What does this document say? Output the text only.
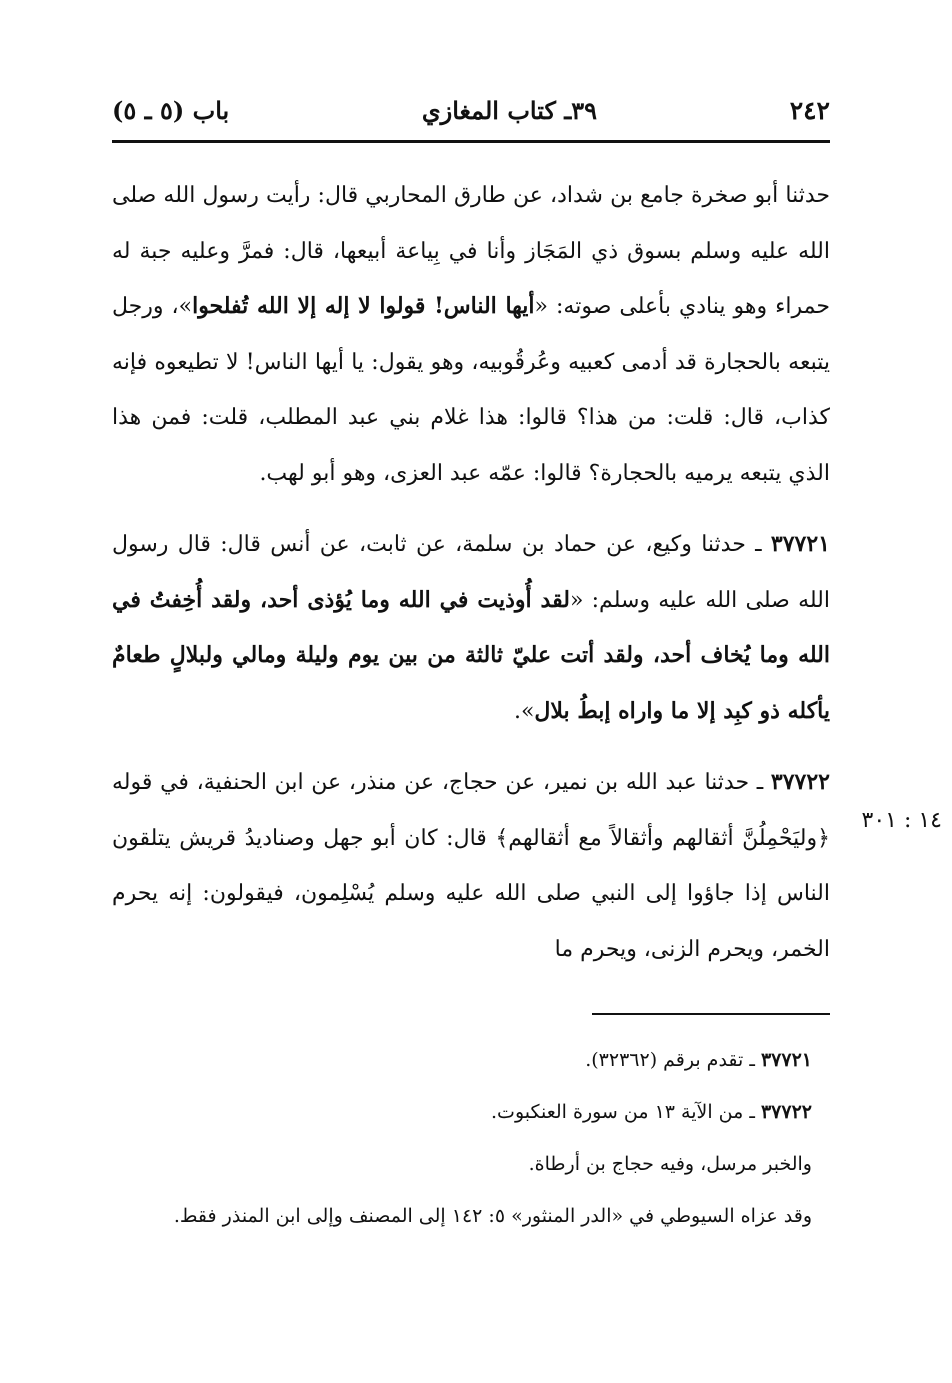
٢٤٢
٣٩ـ كتاب المغازي
باب (٥ ـ ٥)

حدثنا أبو صخرة جامع بن شداد، عن طارق المحاربي قال: رأيت رسول الله صلى الله عليه وسلم بسوق ذي المَجَاز وأنا في بِياعة أبيعها، قال: فمرَّ وعليه جبة له حمراء وهو ينادي بأعلى صوته: «أيها الناس! قولوا لا إله إلا الله تُفلحوا»، ورجل يتبعه بالحجارة قد أدمى كعبيه وعُرقُوبيه، وهو يقول: يا أيها الناس! لا تطيعوه فإنه كذاب، قال: قلت: من هذا؟ قالوا: هذا غلام بني عبد المطلب، قلت: فمن هذا الذي يتبعه يرميه بالحجارة؟ قالوا: عمّه عبد العزى، وهو أبو لهب.

٣٧٧٢١ ـ حدثنا وكيع، عن حماد بن سلمة، عن ثابت، عن أنس قال: قال رسول الله صلى الله عليه وسلم: «لقد أُوذيت في الله وما يُؤذى أحد، ولقد أُخِفتُ في الله وما يُخاف أحد، ولقد أتت عليّ ثالثة من بين يوم وليلة ومالي ولبلالٍ طعامٌ يأكله ذو كبِد إلا ما واراه إبطُ بلال».

٣٧٧٢٢ ـ حدثنا عبد الله بن نمير، عن حجاج، عن منذر، عن ابن الحنفية، في قوله ﴿وليَحْمِلُنَّ أثقالهم وأثقالاً مع أثقالهم﴾ قال: كان أبو جهل وصناديدُ قريش يتلقون الناس إذا جاؤوا إلى النبي صلى الله عليه وسلم يُسْلِمون، فيقولون: إنه يحرم الخمر، ويحرم الزنى، ويحرم ما

١٤ : ٣٠١

٣٧٧٢١ ـ تقدم برقم (٣٢٣٦٢).

٣٧٧٢٢ ـ من الآية ١٣ من سورة العنكبوت.

والخبر مرسل، وفيه حجاج بن أرطاة.

وقد عزاه السيوطي في «الدر المنثور» ٥: ١٤٢ إلى المصنف وإلى ابن المنذر فقط.
